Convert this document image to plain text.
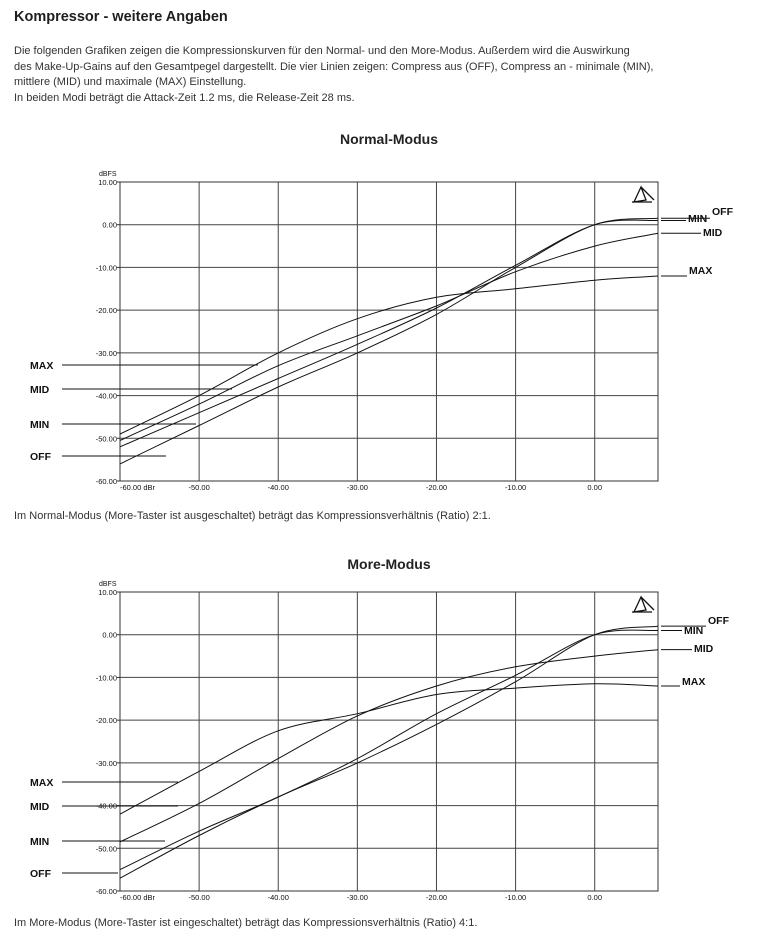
Kompressor - weitere Angaben
Die folgenden Grafiken zeigen die Kompressionskurven für den Normal- und den More-Modus. Außerdem wird die Auswirkung
des Make-Up-Gains auf den Gesamtpegel dargestellt. Die vier Linien zeigen: Compress aus (OFF), Compress an - minimale (MIN),
mittlere (MID) und maximale (MAX) Einstellung.
In beiden Modi beträgt die Attack-Zeit 1.2 ms, die Release-Zeit 28 ms.
Normal-Modus
-60.00 dBr	-50.00	-40.00	-30.00	-20.00	-10.00	0.00
10.00
0.00
-10.00
-20.00
-30.00
-40.00
-50.00
-60.00
dBFS
OFF
OFF
MIN
MIN
MID
MID
MAX
MAX
Im Normal-Modus (More-Taster ist ausgeschaltet) beträgt das Kompressionsverhältnis (Ratio) 2:1.
More-Modus
-60.00 dBr	-50.00	-40.00	-30.00	-20.00	-10.00	0.00
10.00
0.00
-10.00
-20.00
-30.00
-40.00
-50.00
-60.00
dBFS
OFF
OFF
MIN
MIN
MID
MID
MAX
MAX
Im More-Modus (More-Taster ist eingeschaltet) beträgt das Kompressionsverhältnis (Ratio) 4:1.
